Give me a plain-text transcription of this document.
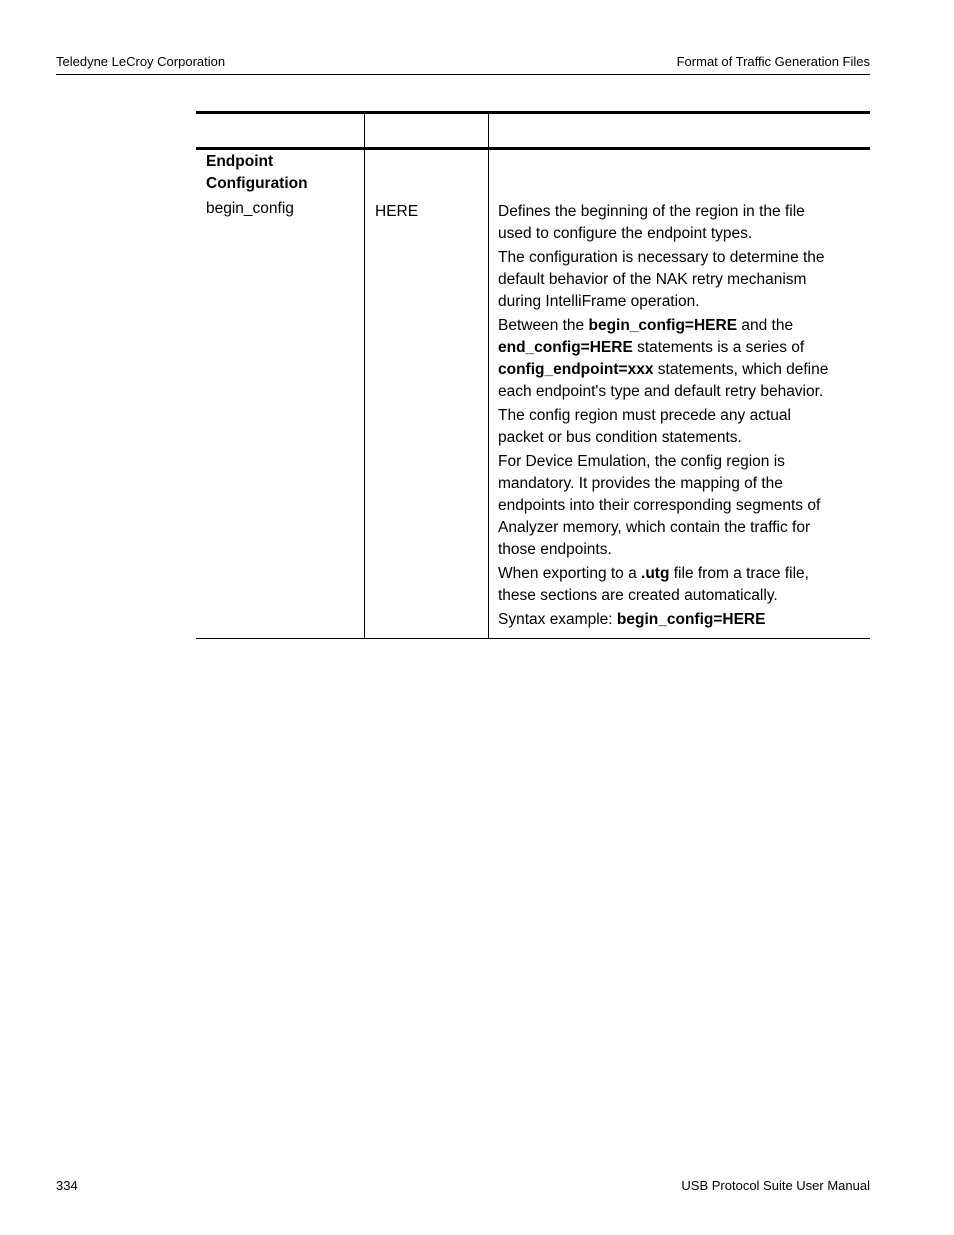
Teledyne LeCroy Corporation	Format of Traffic Generation Files
Endpoint
Configuration
begin_config	HERE	Defines the beginning of the region in the file
used to configure the endpoint types.

The configuration is necessary to determine the
default behavior of the NAK retry mechanism
during IntelliFrame operation.

Between the begin_config=HERE and the
end_config=HERE statements is a series of
config_endpoint=xxx statements, which define
each endpoint's type and default retry behavior.

The config region must precede any actual
packet or bus condition statements.

For Device Emulation, the config region is
mandatory. It provides the mapping of the
endpoints into their corresponding segments of
Analyzer memory, which contain the traffic for
those endpoints.

When exporting to a .utg file from a trace file,
these sections are created automatically.

Syntax example: begin_config=HERE

334	USB Protocol Suite User Manual
